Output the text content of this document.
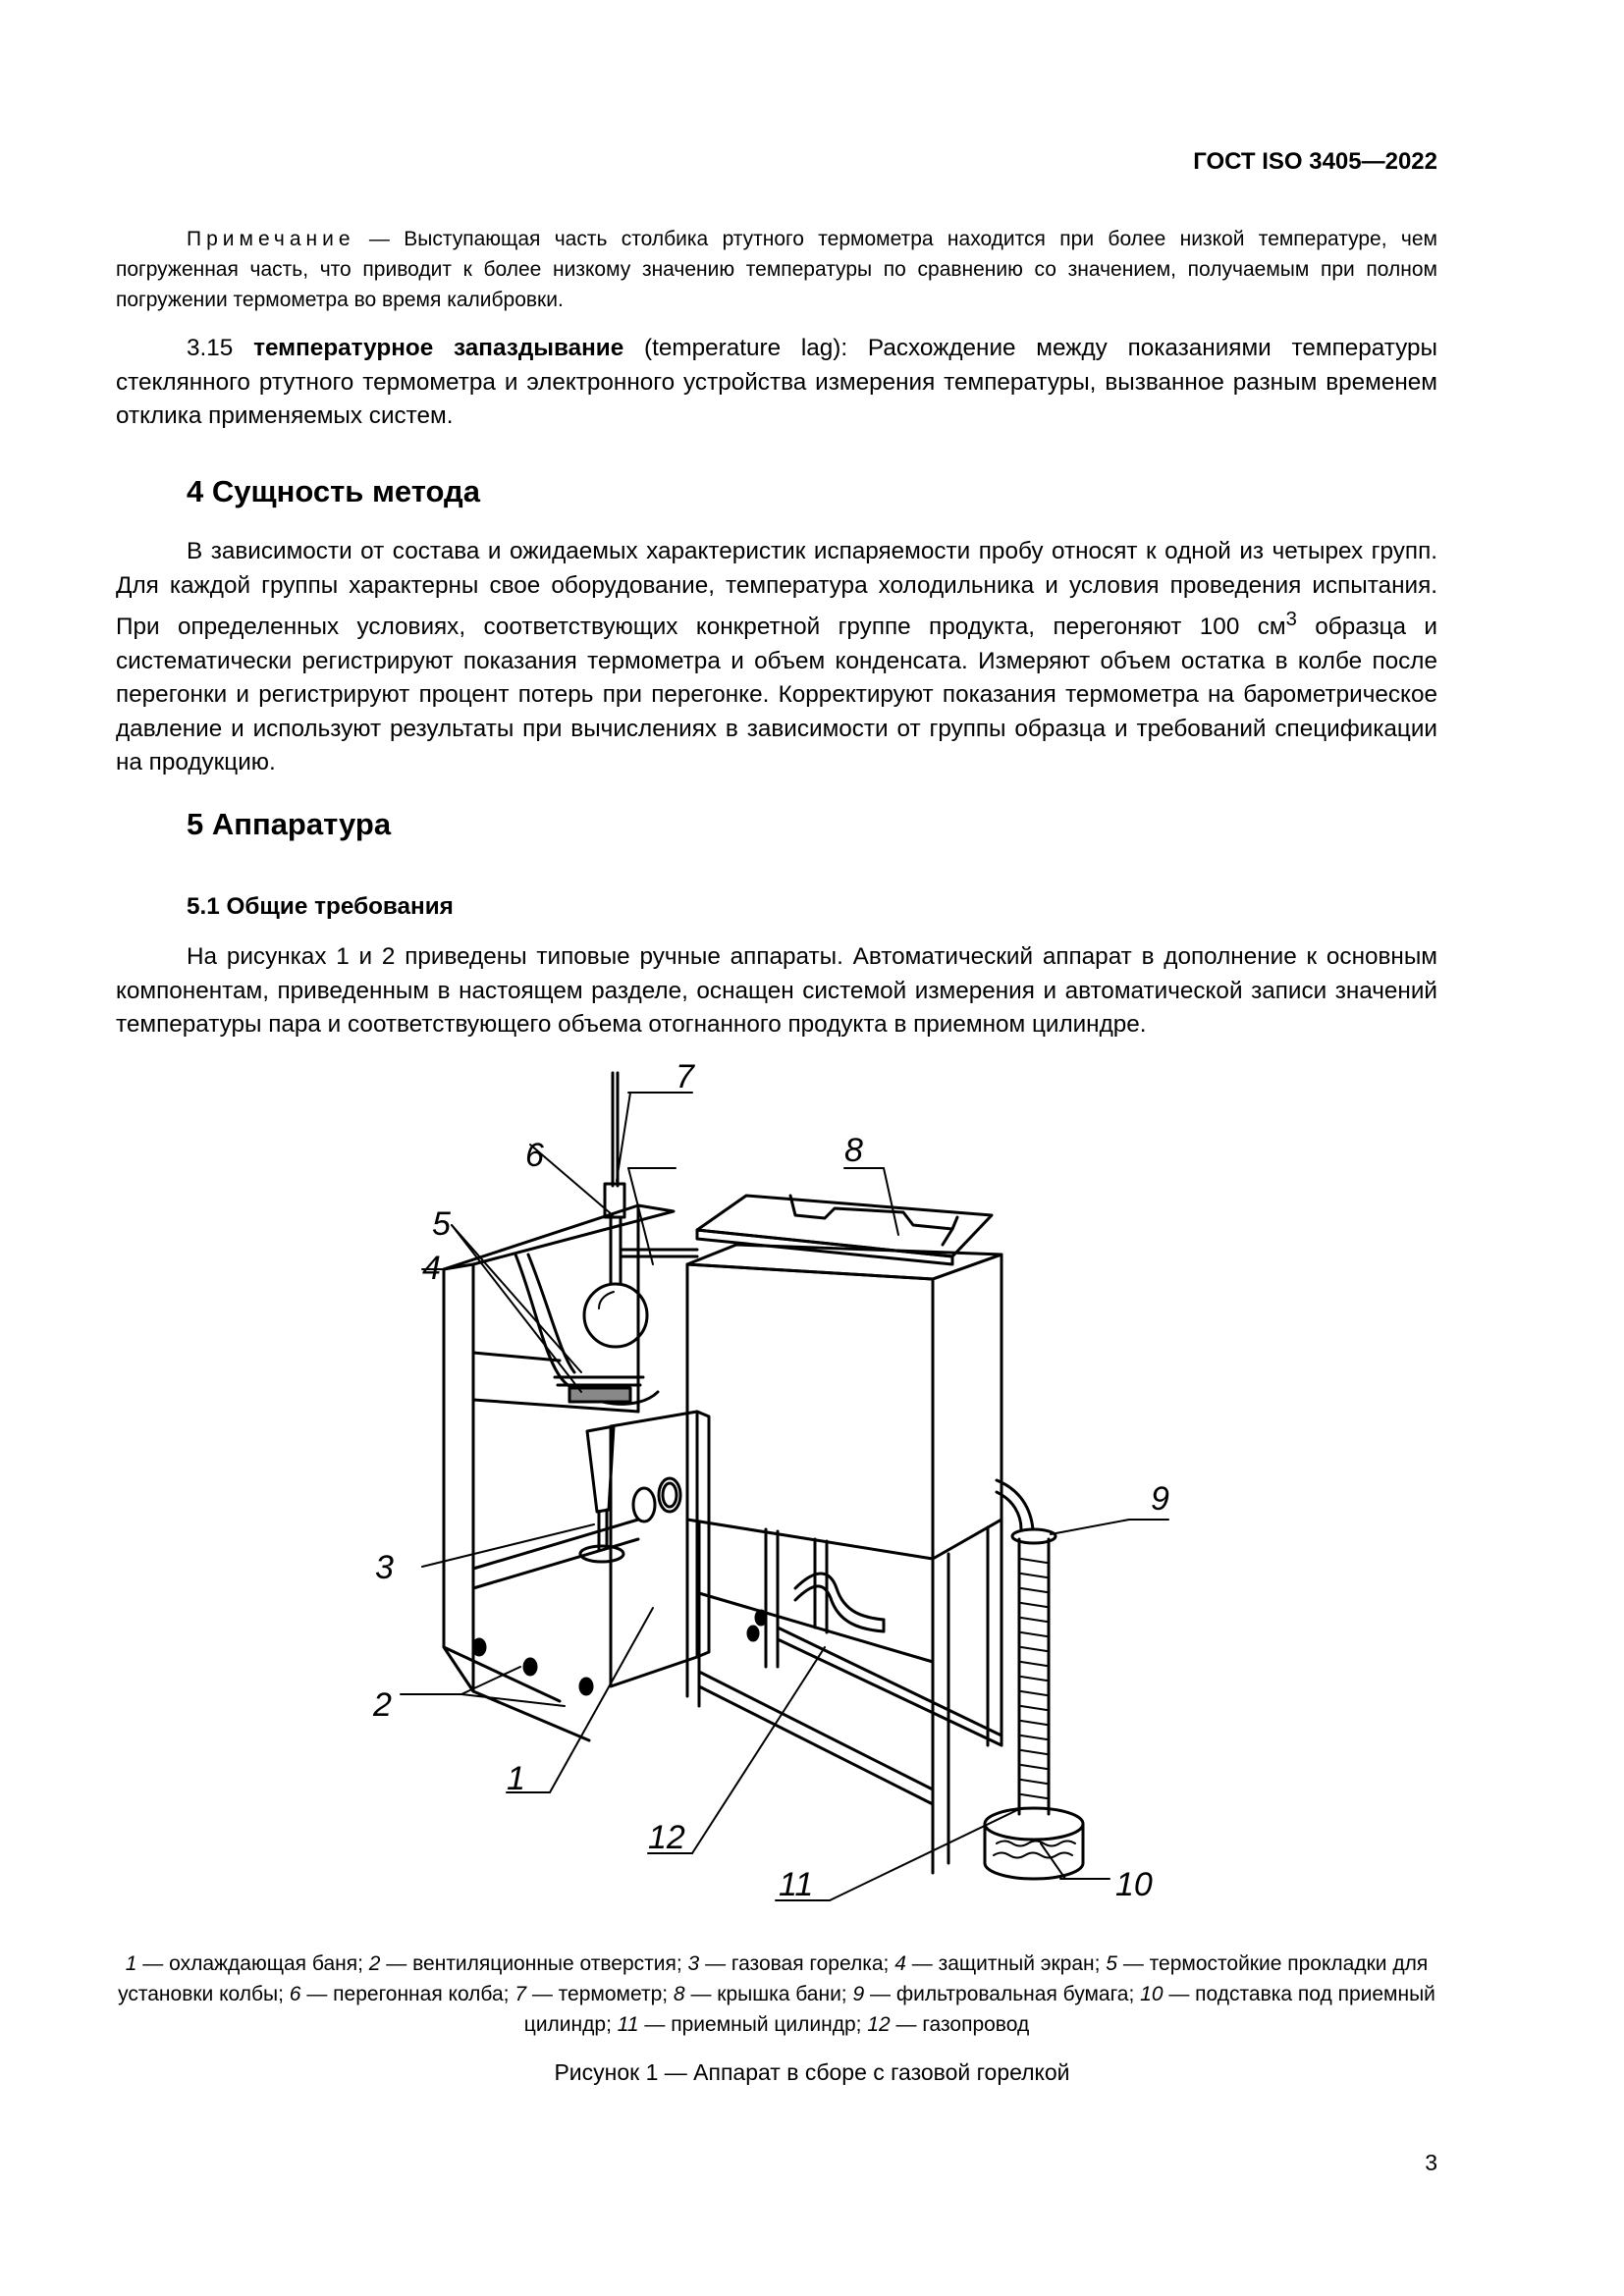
ГОСТ ISO 3405—2022
Примечание — Выступающая часть столбика ртутного термометра находится при более низкой температуре, чем погруженная часть, что приводит к более низкому значению температуры по сравнению со значением, получаемым при полном погружении термометра во время калибровки.
3.15 температурное запаздывание (temperature lag): Расхождение между показаниями температуры стеклянного ртутного термометра и электронного устройства измерения температуры, вызванное разным временем отклика применяемых систем.
4 Сущность метода
В зависимости от состава и ожидаемых характеристик испаряемости пробу относят к одной из четырех групп. Для каждой группы характерны свое оборудование, температура холодильника и условия проведения испытания. При определенных условиях, соответствующих конкретной группе продукта, перегоняют 100 $см^3$ образца и систематически регистрируют показания термометра и объем конденсата. Измеряют объем остатка в колбе после перегонки и регистрируют процент потерь при перегонке. Корректируют показания термометра на барометрическое давление и используют результаты при вычислениях в зависимости от группы образца и требований спецификации на продукцию.
5 Аппаратура
5.1 Общие требования
На рисунках 1 и 2 приведены типовые ручные аппараты. Автоматический аппарат в дополнение к основным компонентам, приведенным в настоящем разделе, оснащен системой измерения и автоматической записи значений температуры пара и соответствующего объема отогнанного продукта в приемном цилиндре.
7
6	8
5
4
3
2
1
12
11	10
9
1 — охлаждающая баня; 2 — вентиляционные отверстия; 3 — газовая горелка; 4 — защитный экран; 5 — термостойкие прокладки для установки колбы; 6 — перегонная колба; 7 — термометр; 8 — крышка бани; 9 — фильтровальная бумага; 10 — подставка под приемный цилиндр; 11 — приемный цилиндр; 12 — газопровод
Рисунок 1 — Аппарат в сборе с газовой горелкой
3
